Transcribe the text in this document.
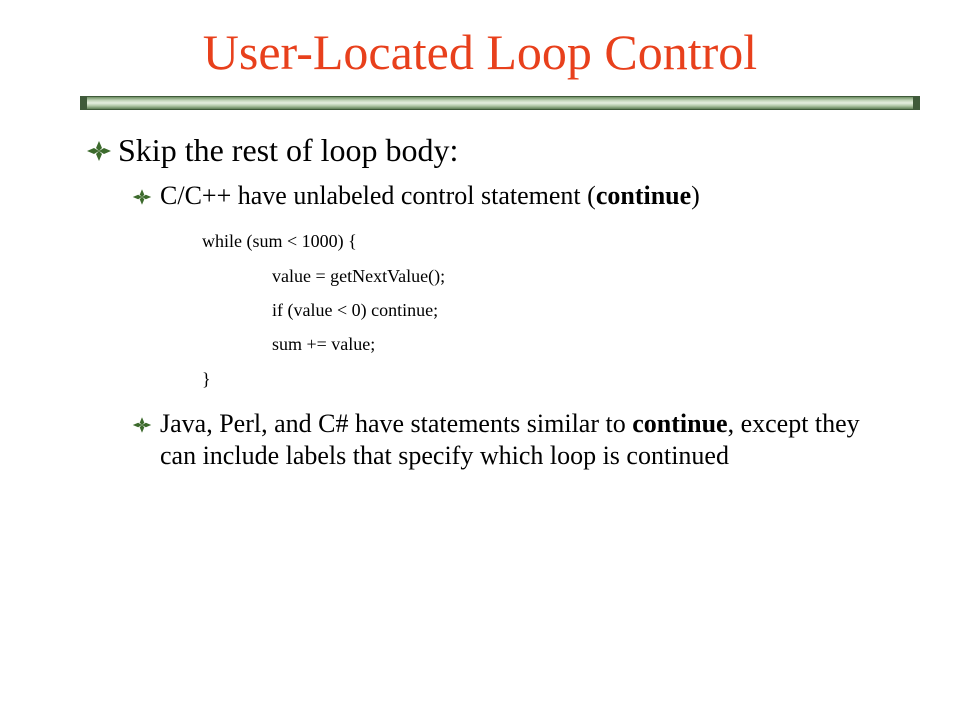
User-Located Loop Control
Skip the rest of loop body:
C/C++ have unlabeled control statement (continue)
while (sum < 1000) {
value = getNextValue();
if (value < 0) continue;
sum += value;
}
Java, Perl, and C# have statements similar to continue, except they can include labels that specify which loop is continued
